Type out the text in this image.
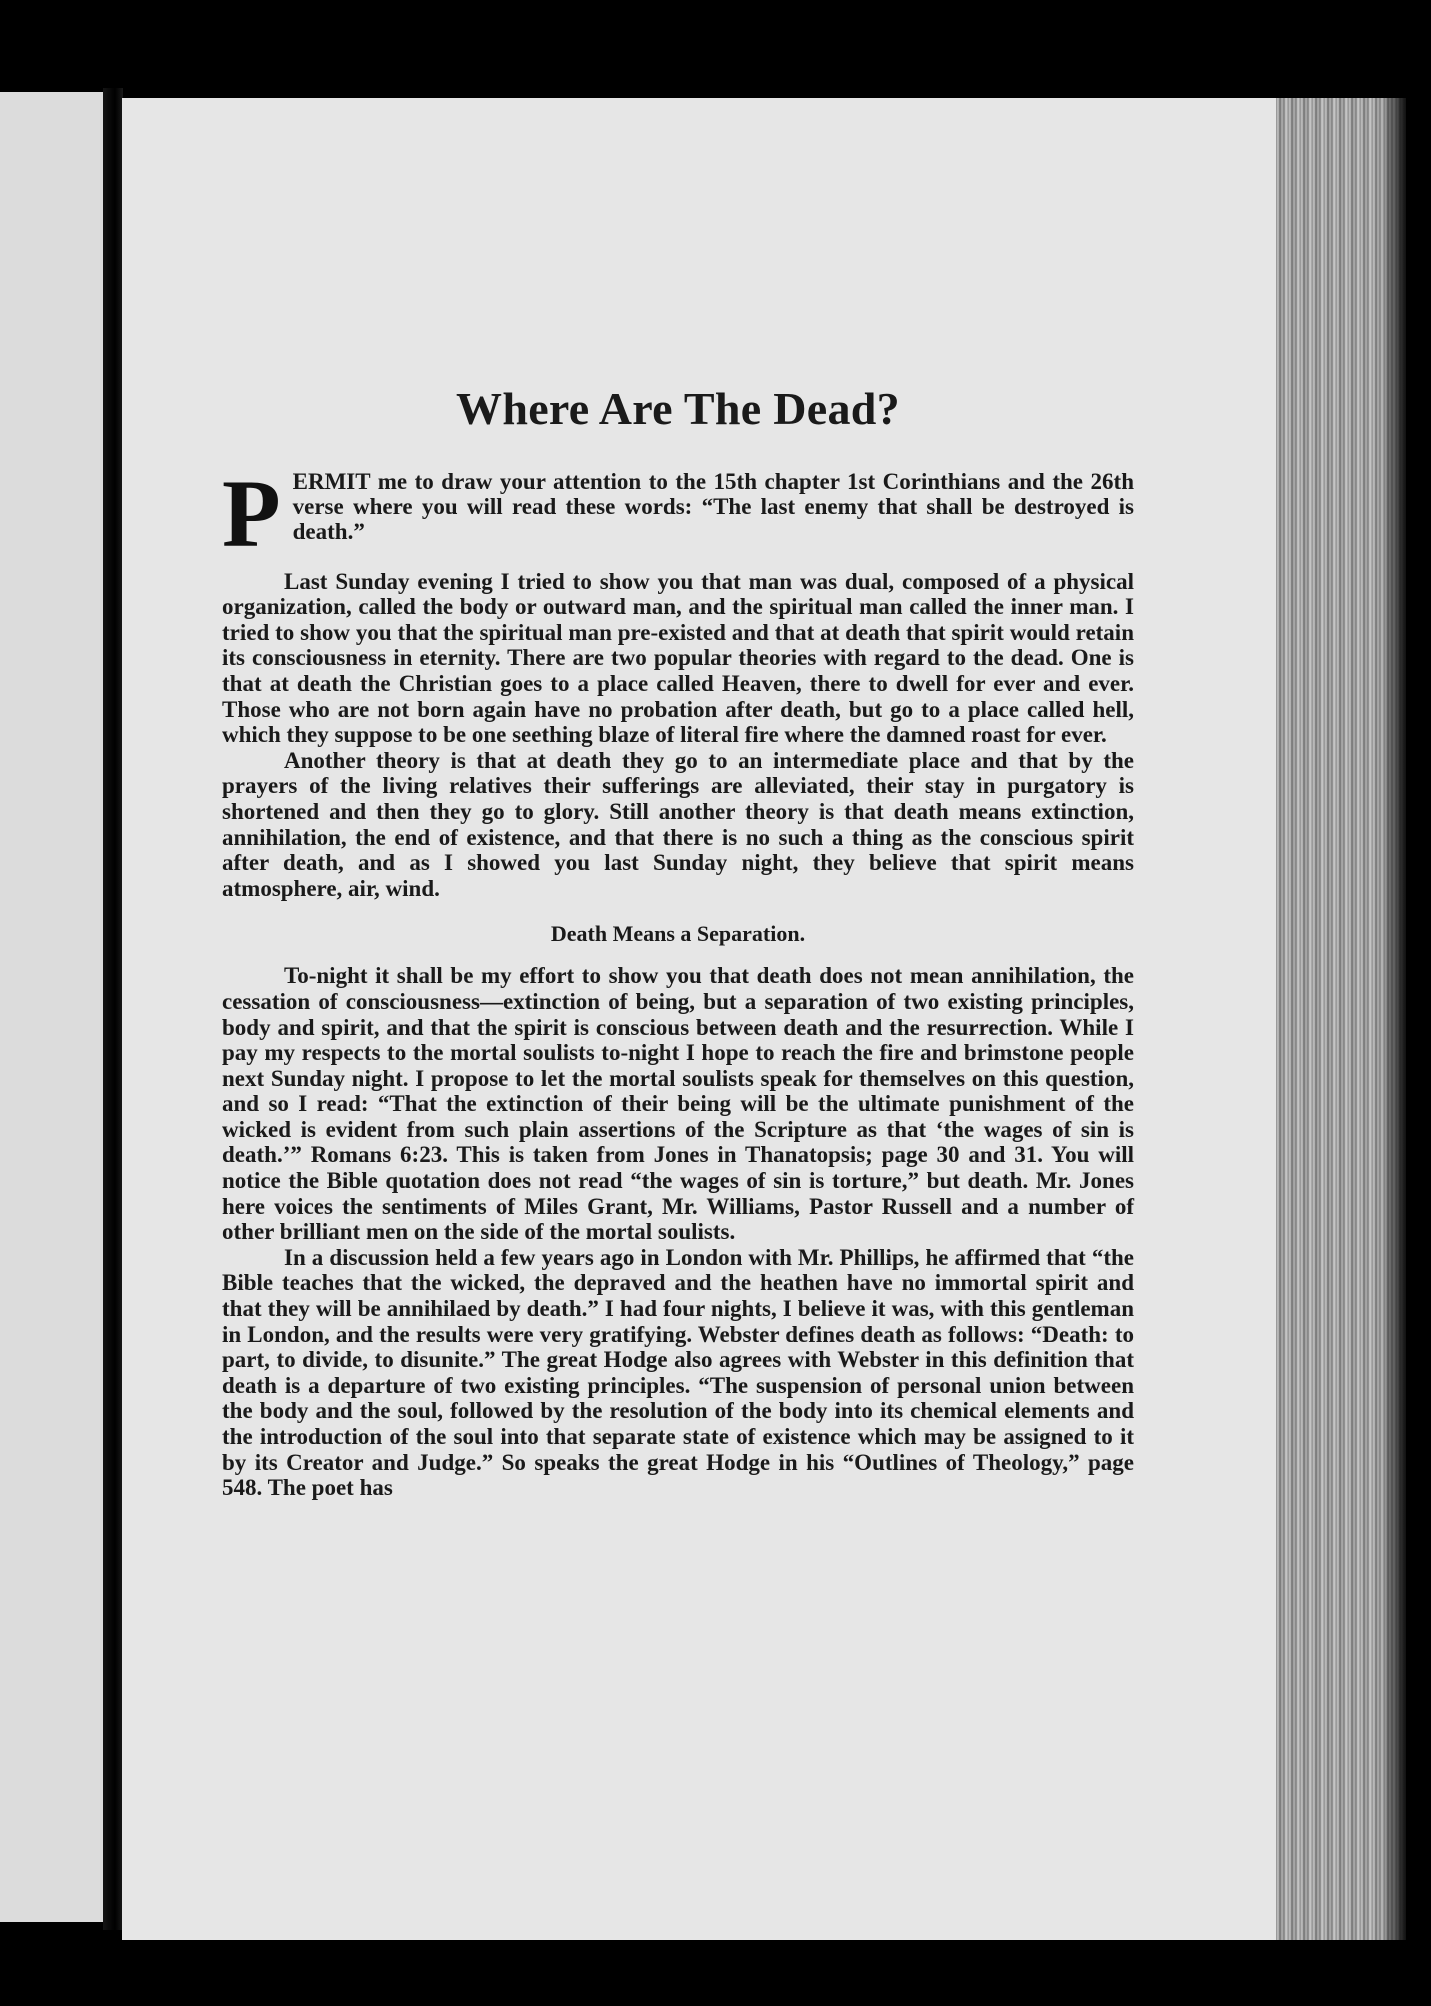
Where Are The Dead?
P ERMIT me to draw your attention to the 15th chapter 1st Corinthians and the 26th verse where you will read these words: “The last enemy that shall be destroyed is death.”

Last Sunday evening I tried to show you that man was dual, composed of a physical organization, called the body or outward man, and the spiritual man called the inner man. I tried to show you that the spiritual man pre-existed and that at death that spirit would retain its consciousness in eternity. There are two popular theories with regard to the dead. One is that at death the Christian goes to a place called Heaven, there to dwell for ever and ever. Those who are not born again have no probation after death, but go to a place called hell, which they suppose to be one seething blaze of literal fire where the damned roast for ever.

Another theory is that at death they go to an intermediate place and that by the prayers of the living relatives their sufferings are alleviated, their stay in purgatory is shortened and then they go to glory. Still another theory is that death means extinction, annihilation, the end of existence, and that there is no such a thing as the conscious spirit after death, and as I showed you last Sunday night, they believe that spirit means atmosphere, air, wind.

Death Means a Separation.

To-night it shall be my effort to show you that death does not mean annihilation, the cessation of consciousness—extinction of being, but a separation of two existing principles, body and spirit, and that the spirit is conscious between death and the resurrection. While I pay my respects to the mortal soulists to-night I hope to reach the fire and brimstone people next Sunday night. I propose to let the mortal soulists speak for themselves on this question, and so I read: “That the extinction of their being will be the ultimate punishment of the wicked is evident from such plain assertions of the Scripture as that ‘the wages of sin is death.’” Romans 6:23. This is taken from Jones in Thanatopsis; page 30 and 31. You will notice the Bible quotation does not read “the wages of sin is torture,” but death. Mr. Jones here voices the sentiments of Miles Grant, Mr. Williams, Pastor Russell and a number of other brilliant men on the side of the mortal soulists.

In a discussion held a few years ago in London with Mr. Phillips, he affirmed that “the Bible teaches that the wicked, the depraved and the heathen have no immortal spirit and that they will be annihilaed by death.” I had four nights, I believe it was, with this gentleman in London, and the results were very gratifying. Webster defines death as follows: “Death: to part, to divide, to disunite.” The great Hodge also agrees with Webster in this definition that death is a departure of two existing principles. “The suspension of personal union between the body and the soul, followed by the resolution of the body into its chemical elements and the introduction of the soul into that separate state of existence which may be assigned to it by its Creator and Judge.” So speaks the great Hodge in his “Outlines of Theology,” page 548. The poet has
